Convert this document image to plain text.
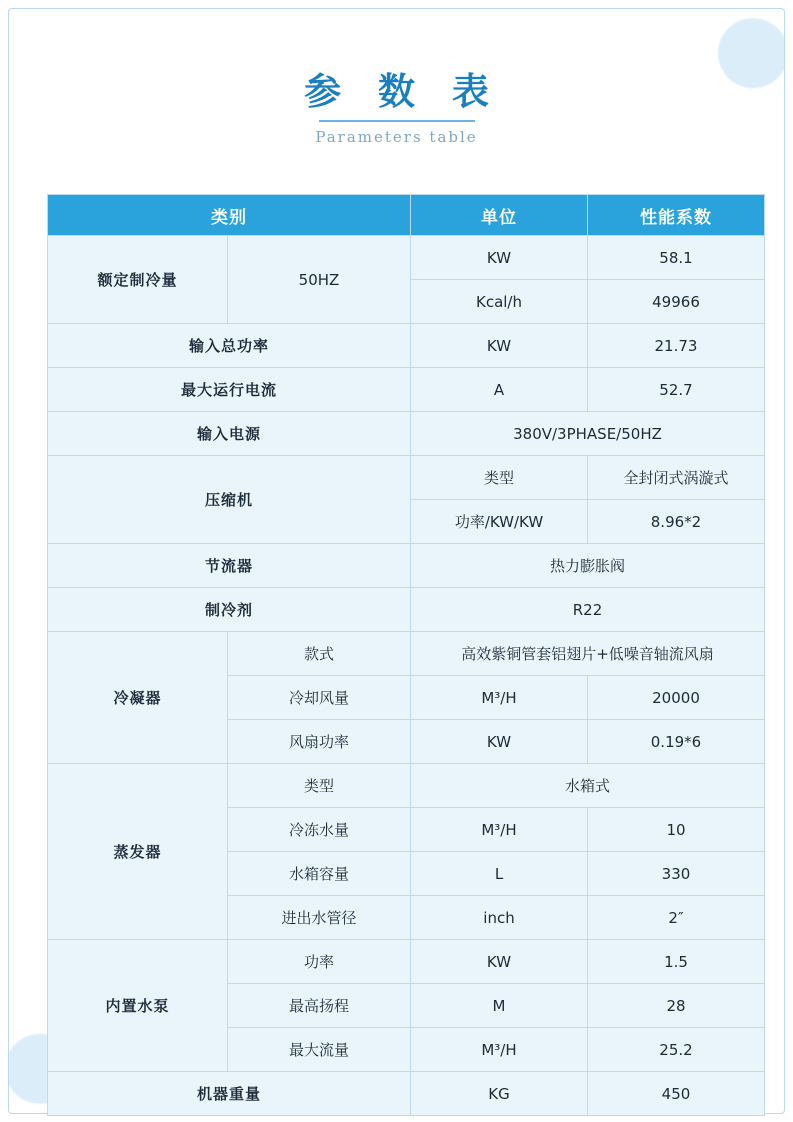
参 数 表
Parameters table
类别		单位	性能系数
额定制冷量	50HZ	KW	58.1
		Kcal/h	49966
输入总功率		KW	21.73
最大运行电流		A	52.7
输入电源		380V/3PHASE/50HZ	
压缩机		类型	全封闭式涡漩式
		功率/KW/KW	8.96*2
节流器		热力膨胀阀	
制冷剂		R22	
冷凝器	款式	高效紫铜管套铝翅片+低噪音轴流风扇	
	冷却风量	M³/H	20000
	风扇功率	KW	0.19*6
蒸发器	类型	水箱式	
	冷冻水量	M³/H	10
	水箱容量	L	330
	进出水管径	inch	2″
内置水泵	功率	KW	1.5
	最高扬程	M	28
	最大流量	M³/H	25.2
机器重量		KG	450
